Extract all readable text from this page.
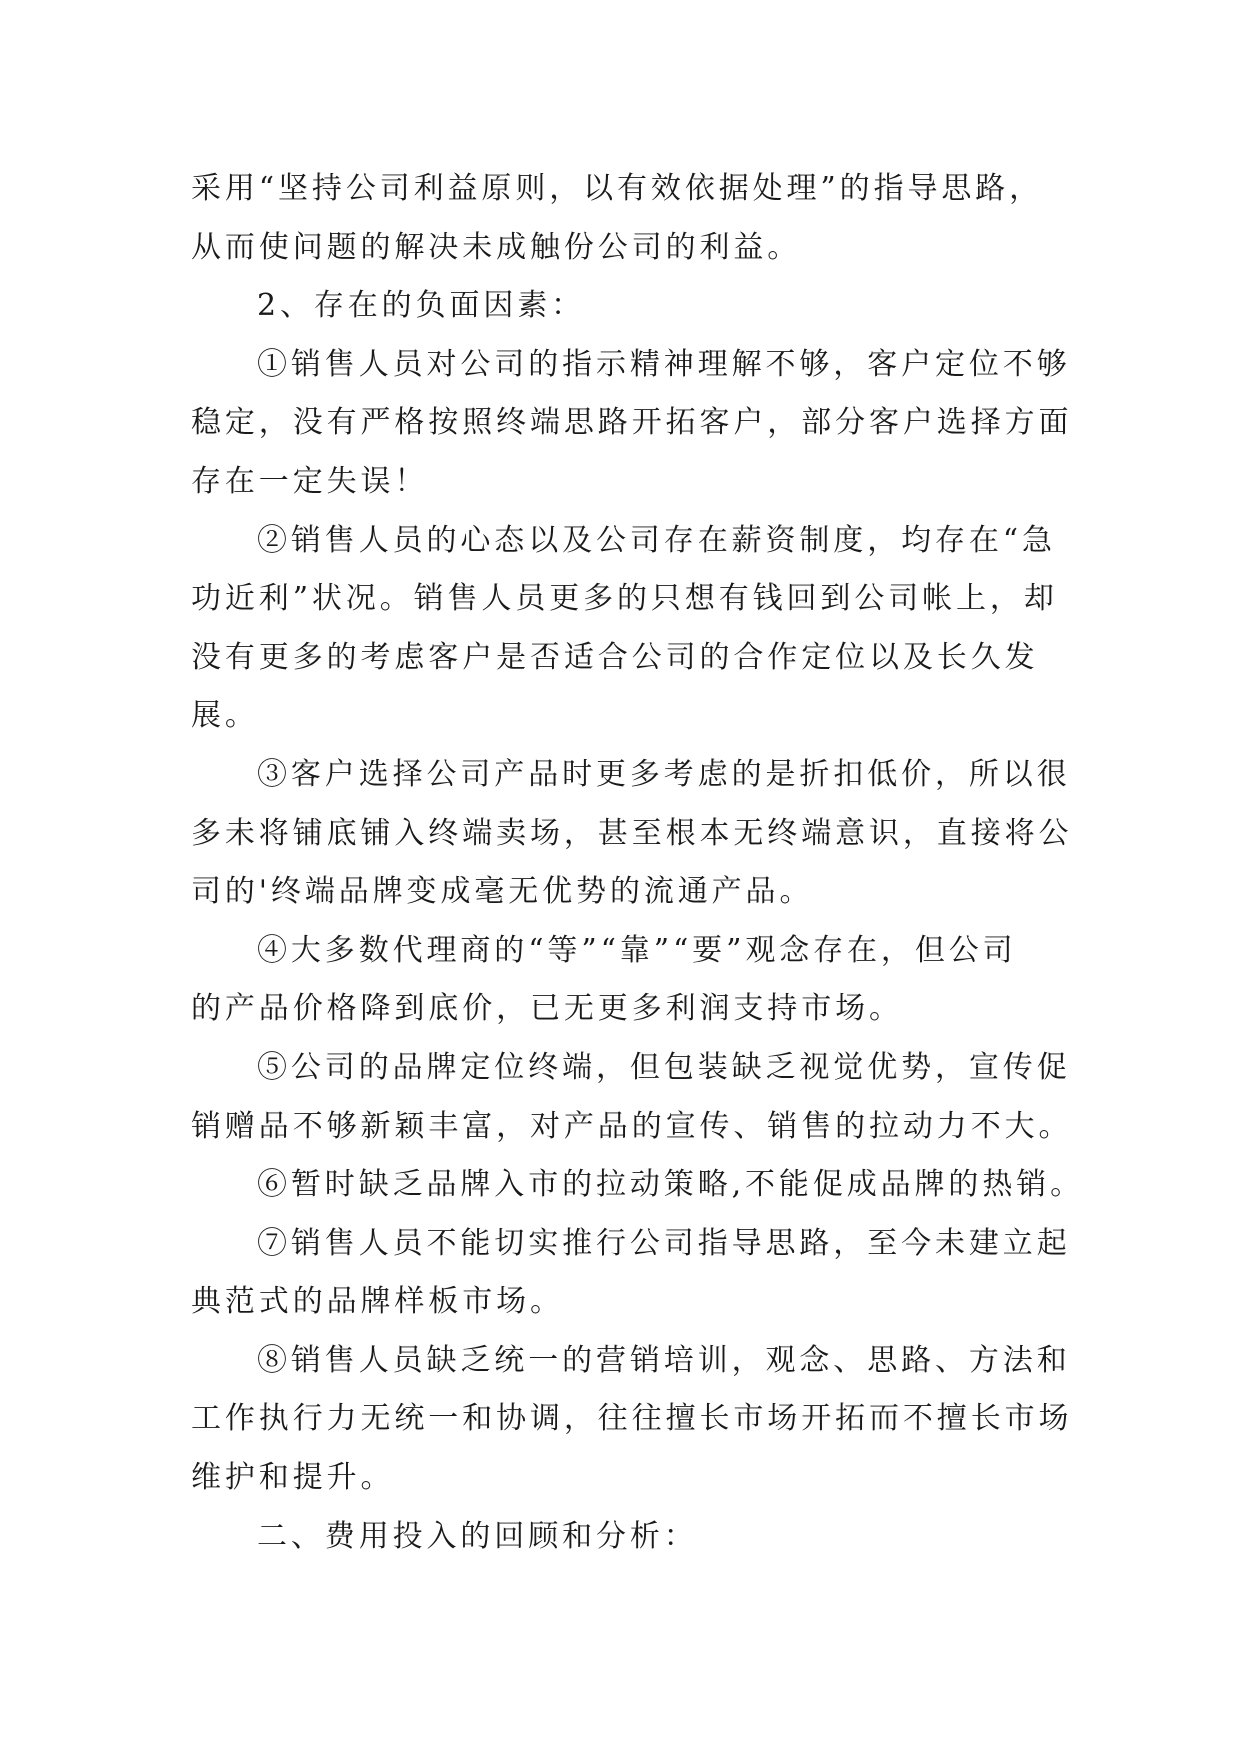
采用“坚持公司利益原则，以有效依据处理”的指导思路，
从而使问题的解决未成触份公司的利益。
2、存在的负面因素：
①销售人员对公司的指示精神理解不够，客户定位不够
稳定，没有严格按照终端思路开拓客户，部分客户选择方面
存在一定失误！
②销售人员的心态以及公司存在薪资制度，均存在“急
功近利”状况。销售人员更多的只想有钱回到公司帐上，却
没有更多的考虑客户是否适合公司的合作定位以及长久发
展。
③客户选择公司产品时更多考虑的是折扣低价，所以很
多未将铺底铺入终端卖场，甚至根本无终端意识，直接将公
司的'终端品牌变成毫无优势的流通产品。
④大多数代理商的“等”“靠”“要”观念存在，但公司
的产品价格降到底价，已无更多利润支持市场。
⑤公司的品牌定位终端，但包装缺乏视觉优势，宣传促
销赠品不够新颖丰富，对产品的宣传、销售的拉动力不大。
⑥暂时缺乏品牌入市的拉动策略,不能促成品牌的热销。
⑦销售人员不能切实推行公司指导思路，至今未建立起
典范式的品牌样板市场。
⑧销售人员缺乏统一的营销培训，观念、思路、方法和
工作执行力无统一和协调，往往擅长市场开拓而不擅长市场
维护和提升。
二、费用投入的回顾和分析：
